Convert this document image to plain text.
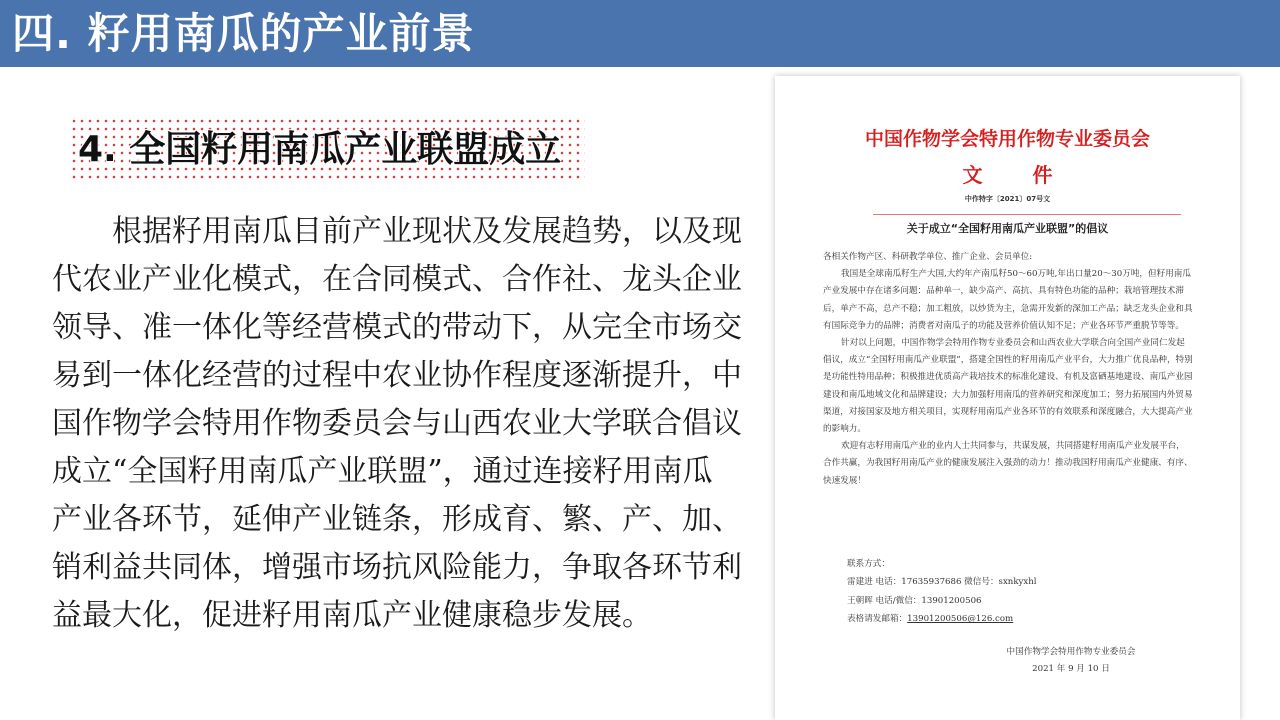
四. 籽用南瓜的产业前景
4. 全国籽用南瓜产业联盟成立

根据籽用南瓜目前产业现状及发展趋势，以及现代农业产业化模式，在合同模式、合作社、龙头企业领导、准一体化等经营模式的带动下，从完全市场交易到一体化经营的过程中农业协作程度逐渐提升，中国作物学会特用作物委员会与山西农业大学联合倡议成立“全国籽用南瓜产业联盟”，通过连接籽用南瓜产业各环节，延伸产业链条，形成育、繁、产、加、销利益共同体，增强市场抗风险能力，争取各环节利益最大化，促进籽用南瓜产业健康稳步发展。

中国作物学会特用作物专业委员会
文件
中作特字〔2021〕07号文
关于成立“全国籽用南瓜产业联盟”的倡议

各相关作物产区、科研教学单位、推广企业、会员单位:

我国是全球南瓜籽生产大国,大约年产南瓜籽50～60万吨,年出口量20～30万吨，但籽用南瓜产业发展中存在诸多问题：品种单一，缺少高产、高抗、具有特色功能的品种；栽培管理技术滞后，单产不高，总产不稳；加工粗放，以炒货为主，急需开发新的深加工产品；缺乏龙头企业和具有国际竞争力的品牌；消费者对南瓜子的功能及营养价值认知不足；产业各环节严重脱节等等。

针对以上问题，中国作物学会特用作物专业委员会和山西农业大学联合向全国产业同仁发起倡议，成立“全国籽用南瓜产业联盟”，搭建全国性的籽用南瓜产业平台，大力推广优良品种，特别是功能性特用品种；积极推进优质高产栽培技术的标准化建设、有机及富硒基地建设、南瓜产业园建设和南瓜地域文化和品牌建设；大力加强籽用南瓜的营养研究和深度加工；努力拓展国内外贸易渠道，对接国家及地方相关项目，实现籽用南瓜产业各环节的有效联系和深度融合，大大提高产业的影响力。

欢迎有志籽用南瓜产业的业内人士共同参与，共谋发展，共同搭建籽用南瓜产业发展平台，合作共赢，为我国籽用南瓜产业的健康发展注入强劲的动力！推动我国籽用南瓜产业健康、有序、快速发展！

联系方式：

雷建进 电话：17635937686 微信号：sxnkyxhl

王朝晖 电话/微信：13901200506

表格请发邮箱：13901200506@126.com

中国作物学会特用作物专业委员会

2021 年 9 月 10 日
